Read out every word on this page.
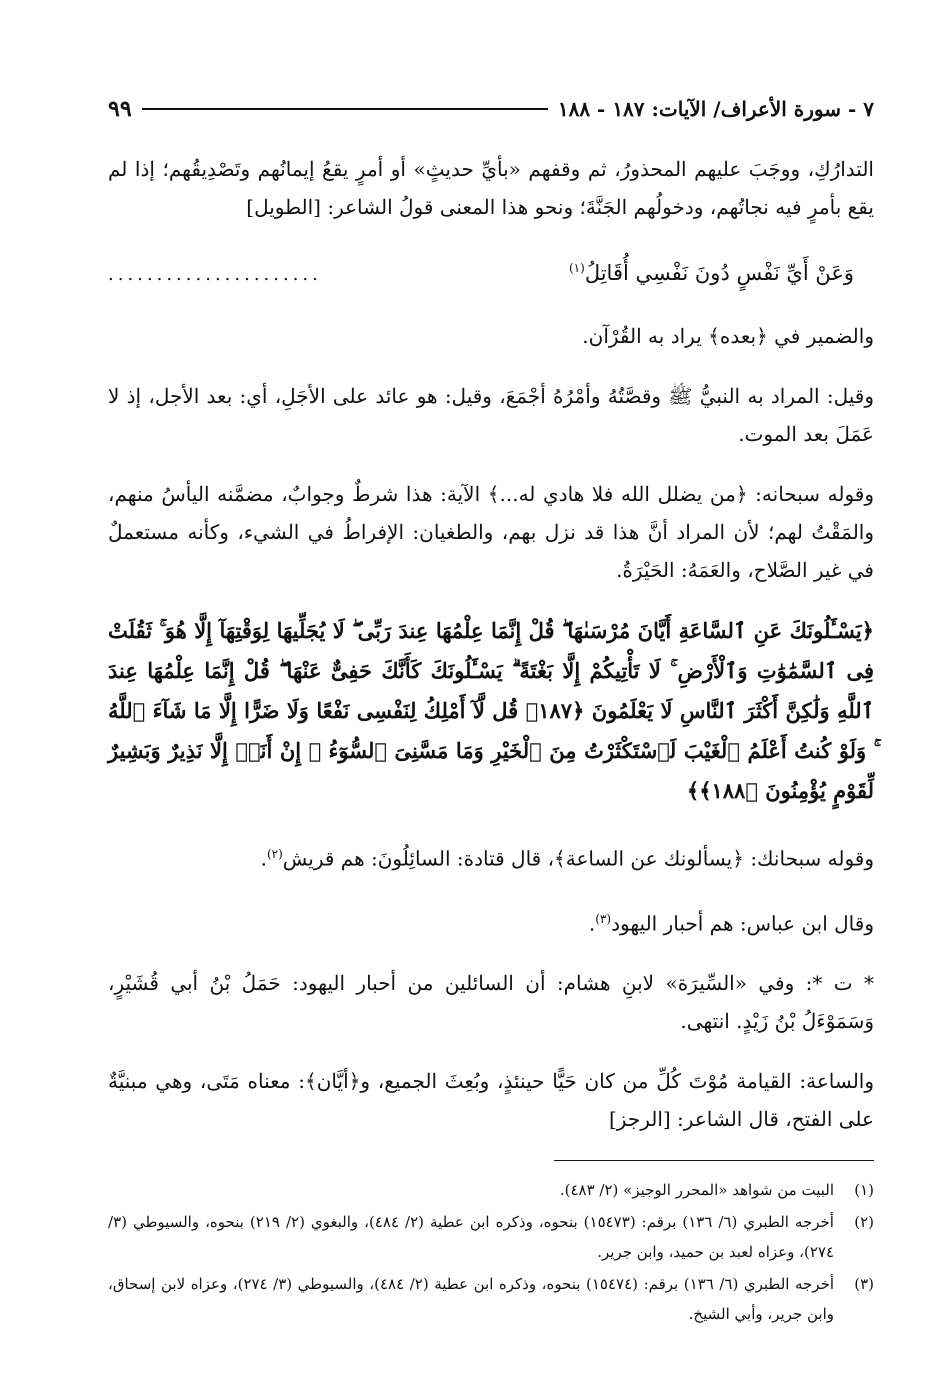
٧ - سورة الأعراف/ الآيات: ١٨٧ - ١٨٨
٩٩

التدارُكِ، ووجَبَ عليهم المحذورُ، ثم وقفهم «بأيِّ حديثٍ» أو أمرٍ يقعُ إيمانُهم وتَصْدِيقُهم؛ إذا لم يقع بأمرٍ فيه نجاتُهم، ودخولُهم الجَنَّةَ؛ ونحو هذا المعنى قولُ الشاعر: [الطويل]

وَعَنْ أَيِّ نَفْسٍ دُونَ نَفْسِي أُقَاتِلُ$^{(١)}$
......................

والضمير في ﴿بعده﴾ يراد به القُرْآن.

وقيل: المراد به النبيُّ ﷺ وقصَّتُهُ وأمْرُهُ أجْمَعَ، وقيل: هو عائد على الأجَلِ، أي: بعد الأجل، إذ لا عَمَلَ بعد الموت.

وقوله سبحانه: ﴿من يضلل الله فلا هادي له...﴾ الآية: هذا شرطٌ وجوابٌ، مضمَّنه اليأسُ منهم، والمَقْتُ لهم؛ لأن المراد أنَّ هذا قد نزل بهم، والطغيان: الإفراطُ في الشيء، وكأنه مستعملٌ في غير الصَّلاح، والعَمَهُ: الحَيْرَةُ.

﴿يَسْـَٔلُونَكَ عَنِ ٱلسَّاعَةِ أَيَّانَ مُرْسَىٰهَا ۖ قُلْ إِنَّمَا عِلْمُهَا عِندَ رَبِّى ۖ لَا يُجَلِّيهَا لِوَقْتِهَآ إِلَّا هُوَ ۚ ثَقُلَتْ فِى ٱلسَّمَٰوَٰتِ وَٱلْأَرْضِ ۚ لَا تَأْتِيكُمْ إِلَّا بَغْتَةً ۗ يَسْـَٔلُونَكَ كَأَنَّكَ حَفِىٌّ عَنْهَا ۖ قُلْ إِنَّمَا عِلْمُهَا عِندَ ٱللَّهِ وَلَٰكِنَّ أَكْثَرَ ٱلنَّاسِ لَا يَعْلَمُونَ ﴿١٨٧﴾ قُل لَّآ أَمْلِكُ لِنَفْسِى نَفْعًا وَلَا ضَرًّا إِلَّا مَا شَآءَ ٱللَّهُ ۚ وَلَوْ كُنتُ أَعْلَمُ ٱلْغَيْبَ لَٱسْتَكْثَرْتُ مِنَ ٱلْخَيْرِ وَمَا مَسَّنِىَ ٱلسُّوٓءُ ۚ إِنْ أَنَا۠ إِلَّا نَذِيرٌ وَبَشِيرٌ لِّقَوْمٍ يُؤْمِنُونَ ﴿١٨٨﴾﴾

وقوله سبحانك: ﴿يسألونك عن الساعة﴾، قال قتادة: السائِلُونَ: هم قريش$^{(٢)}$.

وقال ابن عباس: هم أحبار اليهود$^{(٣)}$.

* ت *: وفي «السِّيرَة» لابنِ هشام: أن السائلين من أحبار اليهود: حَمَلُ بْنُ أبي قُشَيْرٍ، وَسَمَوْءَلُ بْنُ زَيْدٍ. انتهى.

والساعة: القيامة مُوْتَ كُلِّ من كان حَيًّا حينئذٍ، وبُعِثَ الجميع، و﴿أيَّان﴾: معناه مَتَى، وهي مبنيَّةٌ على الفتح، قال الشاعر: [الرجز]

(١)
البيت من شواهد «المحرر الوجيز» (٢/ ٤٨٣).
(٢)
أخرجه الطبري (٦/ ١٣٦) برقم: (١٥٤٧٣) بنحوه، وذكره ابن عطية (٢/ ٤٨٤)، والبغوي (٢/ ٢١٩) بنحوه، والسيوطي (٣/ ٢٧٤)، وعزاه لعبد بن حميد، وابن جرير.
(٣)
أخرجه الطبري (٦/ ١٣٦) برقم: (١٥٤٧٤) بنحوه، وذكره ابن عطية (٢/ ٤٨٤)، والسيوطي (٣/ ٢٧٤)، وعزاه لابن إسحاق، وابن جرير، وأبي الشيخ.
